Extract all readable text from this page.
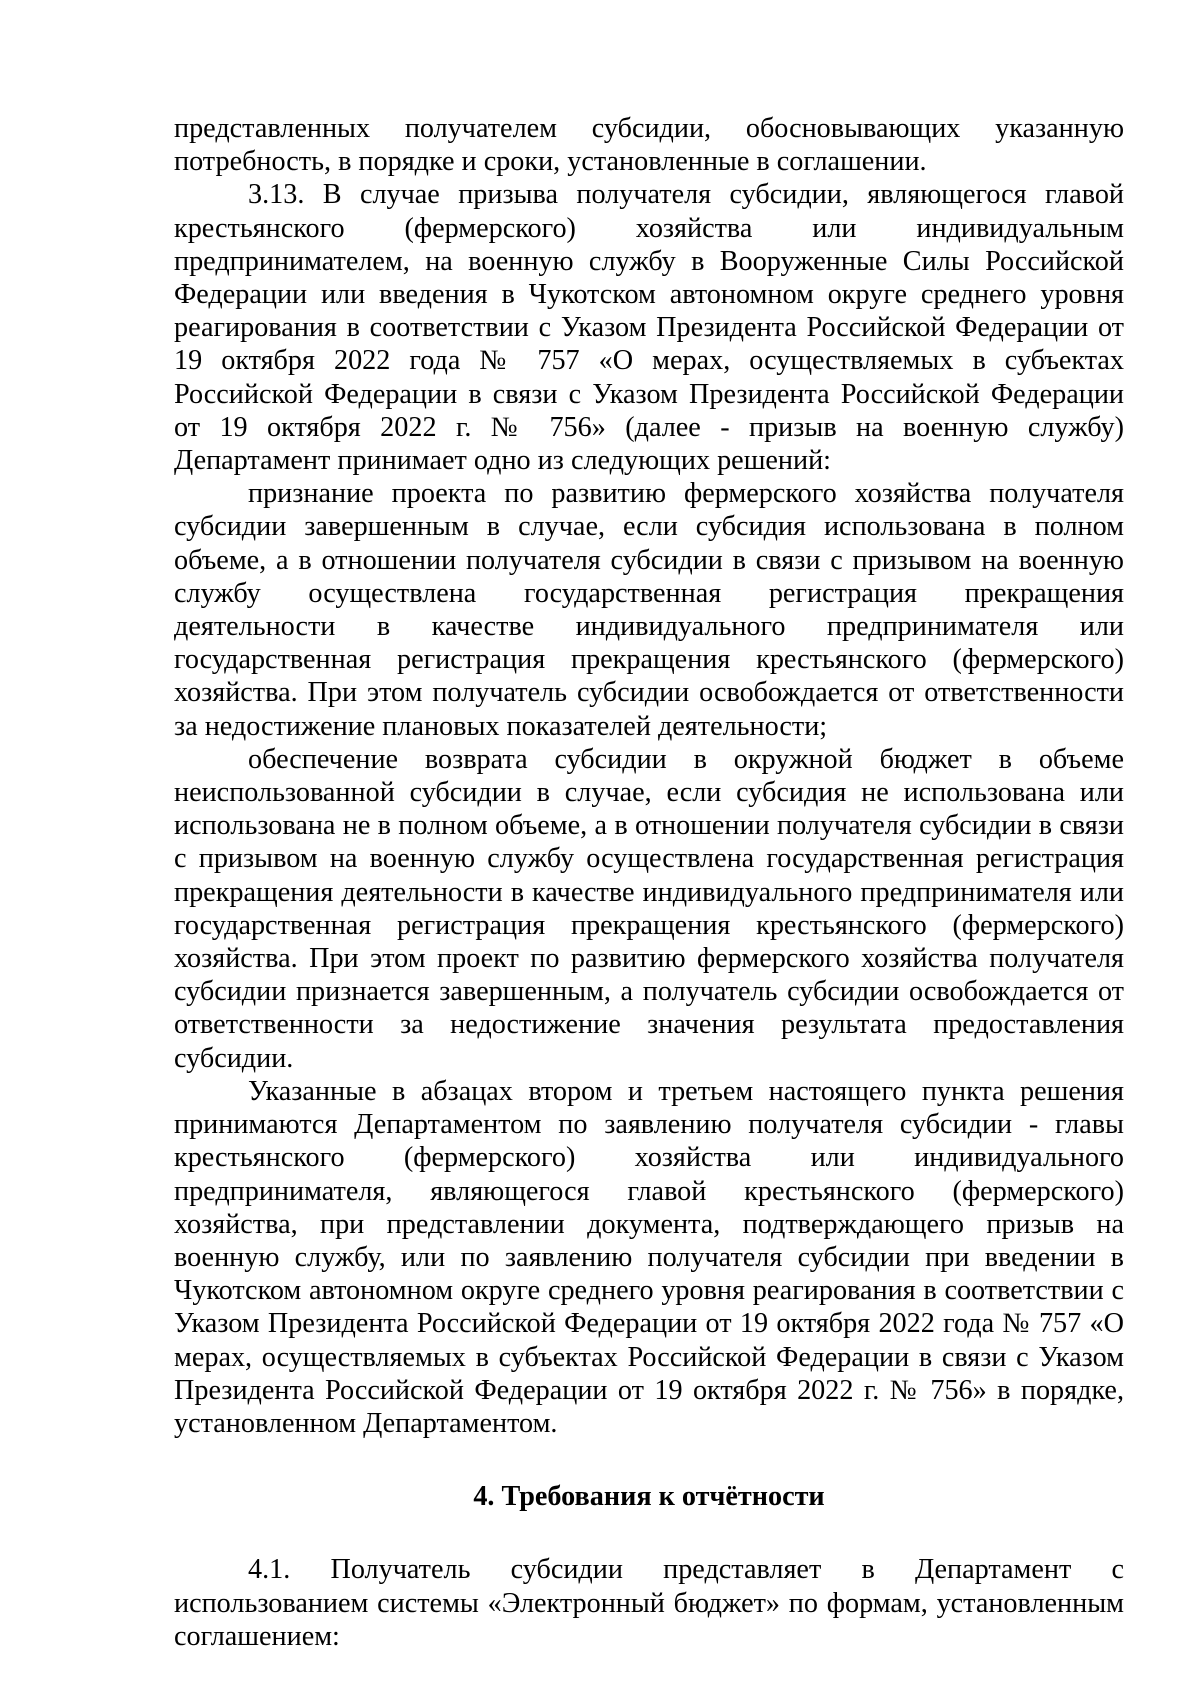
представленных получателем субсидии, обосновывающих указанную потребность, в порядке и сроки, установленные в соглашении.

3.13. В случае призыва получателя субсидии, являющегося главой крестьянского (фермерского) хозяйства или индивидуальным предпринимателем, на военную службу в Вооруженные Силы Российской Федерации или введения в Чукотском автономном округе среднего уровня реагирования в соответствии с Указом Президента Российской Федерации от 19 октября 2022 года № 757 «О мерах, осуществляемых в субъектах Российской Федерации в связи с Указом Президента Российской Федерации от 19 октября 2022 г. № 756» (далее - призыв на военную службу) Департамент принимает одно из следующих решений:

признание проекта по развитию фермерского хозяйства получателя субсидии завершенным в случае, если субсидия использована в полном объеме, а в отношении получателя субсидии в связи с призывом на военную службу осуществлена государственная регистрация прекращения деятельности в качестве индивидуального предпринимателя или государственная регистрация прекращения крестьянского (фермерского) хозяйства. При этом получатель субсидии освобождается от ответственности за недостижение плановых показателей деятельности;

обеспечение возврата субсидии в окружной бюджет в объеме неиспользованной субсидии в случае, если субсидия не использована или использована не в полном объеме, а в отношении получателя субсидии в связи с призывом на военную службу осуществлена государственная регистрация прекращения деятельности в качестве индивидуального предпринимателя или государственная регистрация прекращения крестьянского (фермерского) хозяйства. При этом проект по развитию фермерского хозяйства получателя субсидии признается завершенным, а получатель субсидии освобождается от ответственности за недостижение значения результата предоставления субсидии.

Указанные в абзацах втором и третьем настоящего пункта решения принимаются Департаментом по заявлению получателя субсидии - главы крестьянского (фермерского) хозяйства или индивидуального предпринимателя, являющегося главой крестьянского (фермерского) хозяйства, при представлении документа, подтверждающего призыв на военную службу, или по заявлению получателя субсидии при введении в Чукотском автономном округе среднего уровня реагирования в соответствии с Указом Президента Российской Федерации от 19 октября 2022 года № 757 «О мерах, осуществляемых в субъектах Российской Федерации в связи с Указом Президента Российской Федерации от 19 октября 2022 г. № 756» в порядке, установленном Департаментом.

4. Требования к отчётности

4.1. Получатель субсидии представляет в Департамент с использованием системы «Электронный бюджет» по формам, установленным соглашением:
